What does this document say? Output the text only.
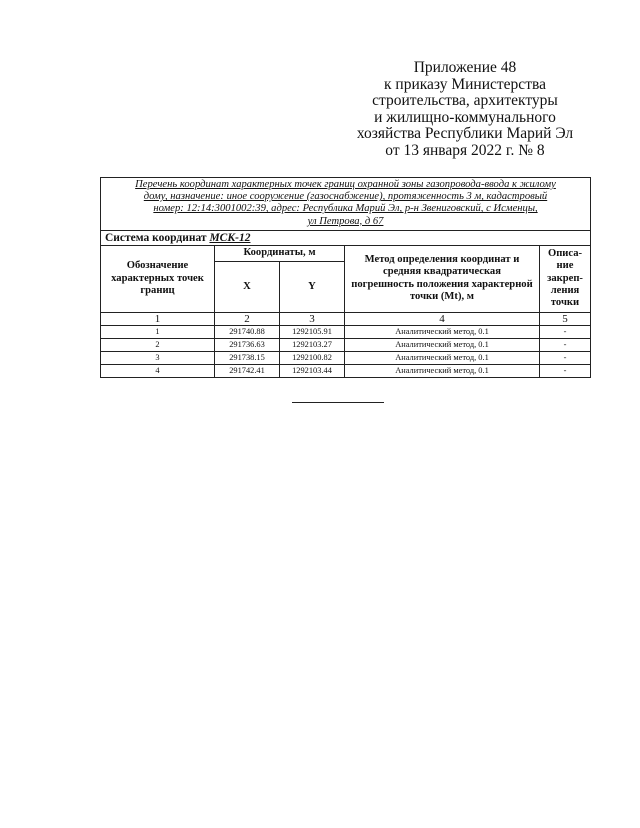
Приложение 48
к приказу Министерства
строительства, архитектуры
и жилищно-коммунального
хозяйства Республики Марий Эл
от 13 января 2022 г. № 8
Перечень координат характерных точек границ охранной зоны газопровода-ввода к жилому
дому, назначение: иное сооружение (газоснабжение), протяженность 3 м, кадастровый
номер: 12:14:3001002:39, адрес: Республика Марий Эл, р-н Звениговский, с Исменцы,
ул Петрова, д 67				

Система координат МСК-12				
Обозначение характерных точек границ	Координаты, м		Метод определения координат и средняя квадратическая погрешность положения характерной точки (Mt), м	Описа-ние закреп-ления точки
	X	Y		
1	2	3	4	5
1	291740.88	1292105.91	Аналитический метод, 0.1	-
2	291736.63	1292103.27	Аналитический метод, 0.1	-
3	291738.15	1292100.82	Аналитический метод, 0.1	-
4	291742.41	1292103.44	Аналитический метод, 0.1	-
